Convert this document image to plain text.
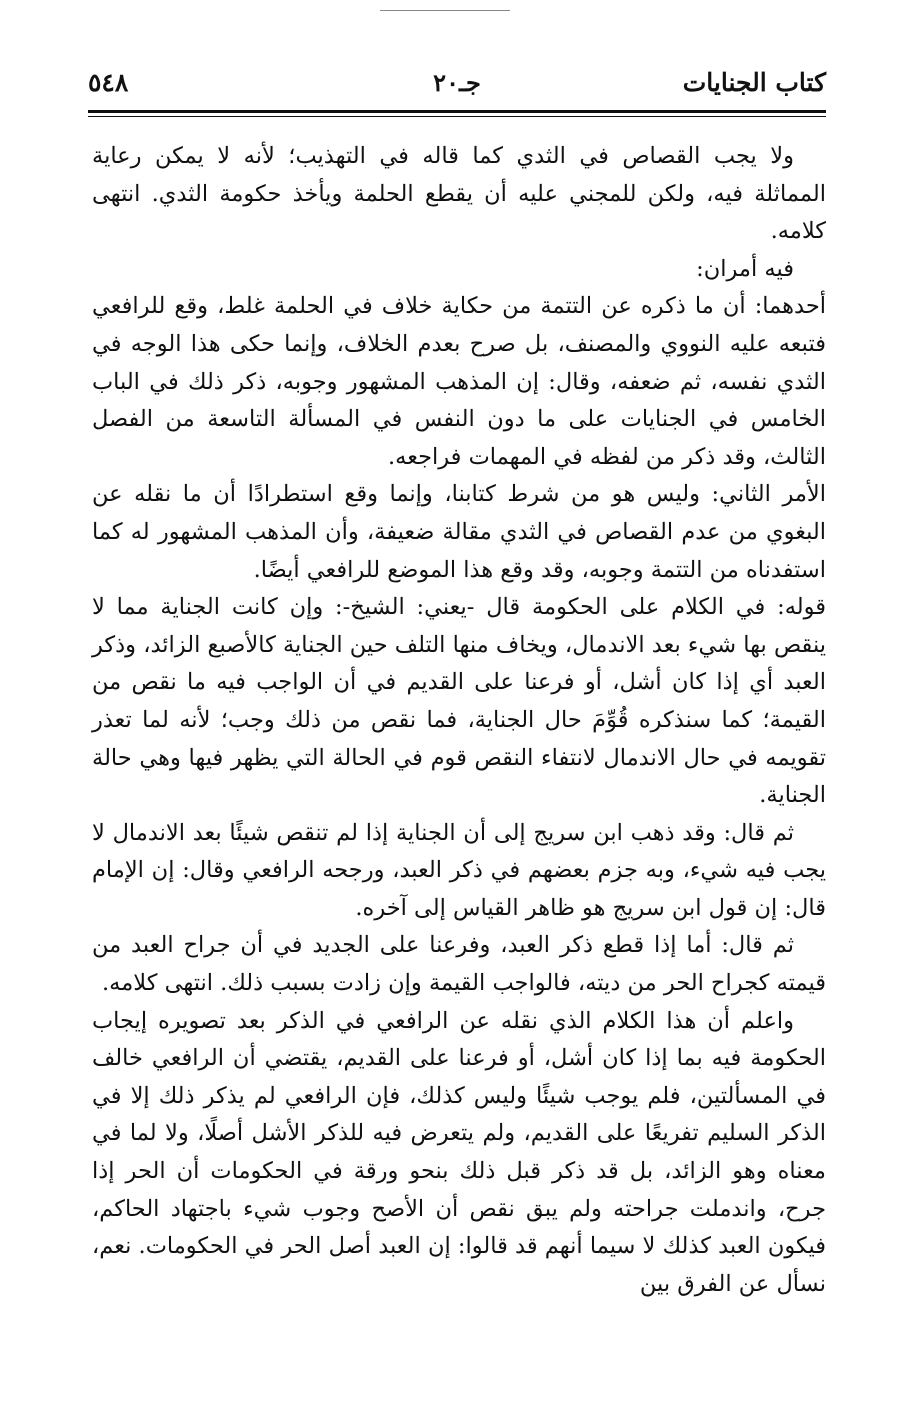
كتاب الجنايات
جـ٢٠
٥٤٨

ولا يجب القصاص في الثدي كما قاله في التهذيب؛ لأنه لا يمكن رعاية المماثلة فيه، ولكن للمجني عليه أن يقطع الحلمة ويأخذ حكومة الثدي. انتهى كلامه.

فيه أمران:

أحدهما: أن ما ذكره عن التتمة من حكاية خلاف في الحلمة غلط، وقع للرافعي فتبعه عليه النووي والمصنف، بل صرح بعدم الخلاف، وإنما حكى هذا الوجه في الثدي نفسه، ثم ضعفه، وقال: إن المذهب المشهور وجوبه، ذكر ذلك في الباب الخامس في الجنايات على ما دون النفس في المسألة التاسعة من الفصل الثالث، وقد ذكر من لفظه في المهمات فراجعه.

الأمر الثاني: وليس هو من شرط كتابنا، وإنما وقع استطرادًا أن ما نقله عن البغوي من عدم القصاص في الثدي مقالة ضعيفة، وأن المذهب المشهور له كما استفدناه من التتمة وجوبه، وقد وقع هذا الموضع للرافعي أيضًا.

قوله: في الكلام على الحكومة قال -يعني: الشيخ-: وإن كانت الجناية مما لا ينقص بها شيء بعد الاندمال، ويخاف منها التلف حين الجناية كالأصبع الزائد، وذكر العبد أي إذا كان أشل، أو فرعنا على القديم في أن الواجب فيه ما نقص من القيمة؛ كما سنذكره قُوِّمَ حال الجناية، فما نقص من ذلك وجب؛ لأنه لما تعذر تقويمه في حال الاندمال لانتفاء النقص قوم في الحالة التي يظهر فيها وهي حالة الجناية.

ثم قال: وقد ذهب ابن سريج إلى أن الجناية إذا لم تنقص شيئًا بعد الاندمال لا يجب فيه شيء، وبه جزم بعضهم في ذكر العبد، ورجحه الرافعي وقال: إن الإمام قال: إن قول ابن سريج هو ظاهر القياس إلى آخره.

ثم قال: أما إذا قطع ذكر العبد، وفرعنا على الجديد في أن جراح العبد من قيمته كجراح الحر من ديته، فالواجب القيمة وإن زادت بسبب ذلك. انتهى كلامه.

واعلم أن هذا الكلام الذي نقله عن الرافعي في الذكر بعد تصويره إيجاب الحكومة فيه بما إذا كان أشل، أو فرعنا على القديم، يقتضي أن الرافعي خالف في المسألتين، فلم يوجب شيئًا وليس كذلك، فإن الرافعي لم يذكر ذلك إلا في الذكر السليم تفريعًا على القديم، ولم يتعرض فيه للذكر الأشل أصلًا، ولا لما في معناه وهو الزائد، بل قد ذكر قبل ذلك بنحو ورقة في الحكومات أن الحر إذا جرح، واندملت جراحته ولم يبق نقص أن الأصح وجوب شيء باجتهاد الحاكم، فيكون العبد كذلك لا سيما أنهم قد قالوا: إن العبد أصل الحر في الحكومات. نعم، نسأل عن الفرق بين
